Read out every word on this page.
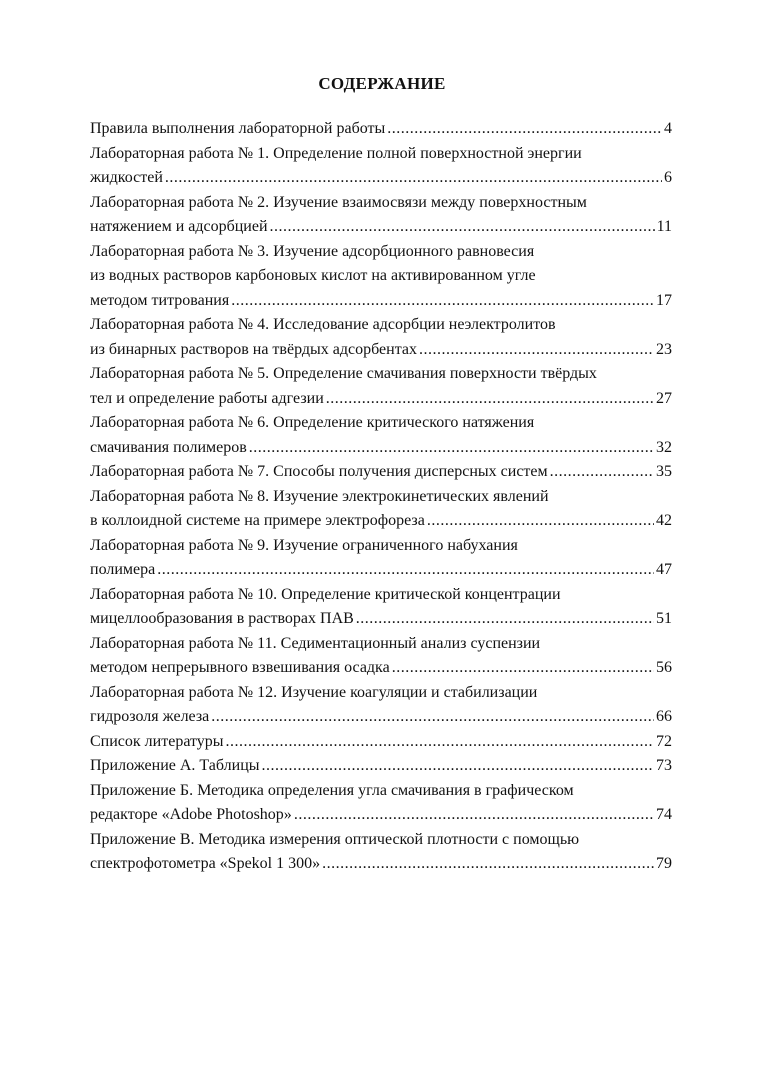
СОДЕРЖАНИЕ
Правила выполнения лабораторной работы .....	4
Лабораторная работа № 1. Определение полной поверхностной энергии
жидкостей .....	6
Лабораторная работа № 2. Изучение взаимосвязи между поверхностным
натяжением и адсорбцией .....	11
Лабораторная работа № 3. Изучение адсорбционного равновесия
из водных растворов карбоновых кислот на активированном угле
методом титрования .....	17
Лабораторная работа № 4. Исследование адсорбции неэлектролитов
из бинарных растворов на твёрдых адсорбентах .....	23
Лабораторная работа № 5. Определение смачивания поверхности твёрдых
тел и определение работы адгезии .....	27
Лабораторная работа № 6. Определение критического натяжения
смачивания полимеров .....	32
Лабораторная работа № 7. Способы получения дисперсных систем .....	35
Лабораторная работа № 8. Изучение электрокинетических явлений
в коллоидной системе на примере электрофореза .....	42
Лабораторная работа № 9. Изучение ограниченного набухания
полимера .....	47
Лабораторная работа № 10. Определение критической концентрации
мицеллообразования в растворах ПАВ .....	51
Лабораторная работа № 11. Седиментационный анализ суспензии
методом непрерывного взвешивания осадка .....	56
Лабораторная работа № 12. Изучение коагуляции и стабилизации
гидрозоля железа .....	66
Список литературы .....	72
Приложение А. Таблицы .....	73
Приложение Б. Методика определения угла смачивания в графическом
редакторе «Adobe Photoshop» .....	74
Приложение В. Методика измерения оптической плотности с помощью
спектрофотометра «Spekol 1 300» .....	79
